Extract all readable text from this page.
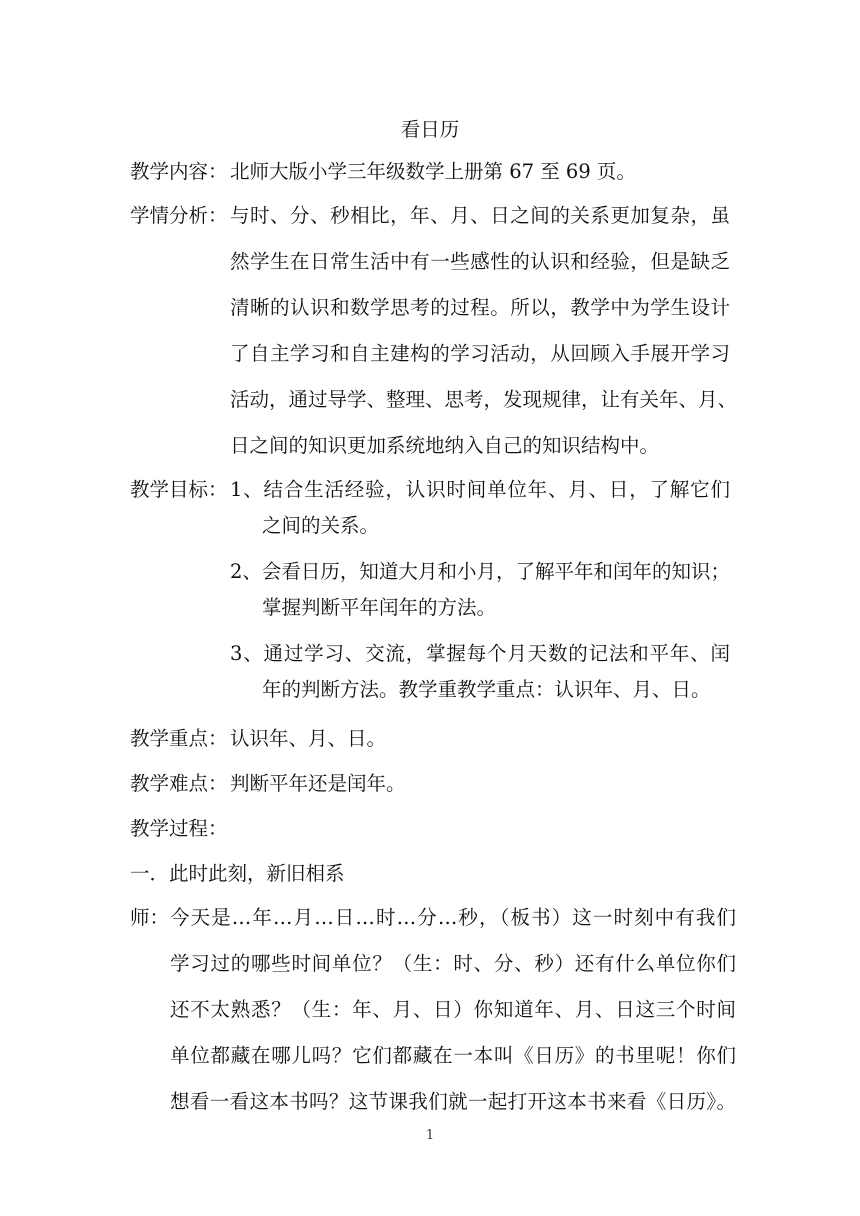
看日历
教学内容： 北师大版小学三年级数学上册第 67 至 69 页。
学情分析： 与时、分、秒相比，年、月、日之间的关系更加复杂，虽
然学生在日常生活中有一些感性的认识和经验，但是缺乏
清晰的认识和数学思考的过程。所以，教学中为学生设计
了自主学习和自主建构的学习活动，从回顾入手展开学习
活动，通过导学、整理、思考，发现规律，让有关年、月、
日之间的知识更加系统地纳入自己的知识结构中。
教学目标： 1、结合生活经验，认识时间单位年、月、日，了解它们
之间的关系。
2、会看日历，知道大月和小月，了解平年和闰年的知识；
掌握判断平年闰年的方法。
3、通过学习、交流，掌握每个月天数的记法和平年、闰
年的判断方法。教学重教学重点：认识年、月、日。
教学重点： 认识年、月、日。
教学难点： 判断平年还是闰年。
教学过程：
一．此时此刻，新旧相系
师： 今天是…年…月…日…时…分…秒，（板书）这一时刻中有我们
学习过的哪些时间单位？（生：时、分、秒）还有什么单位你们
还不太熟悉？（生：年、月、日）你知道年、月、日这三个时间
单位都藏在哪儿吗？它们都藏在一本叫《日历》的书里呢！你们
想看一看这本书吗？这节课我们就一起打开这本书来看《日历》。
1
